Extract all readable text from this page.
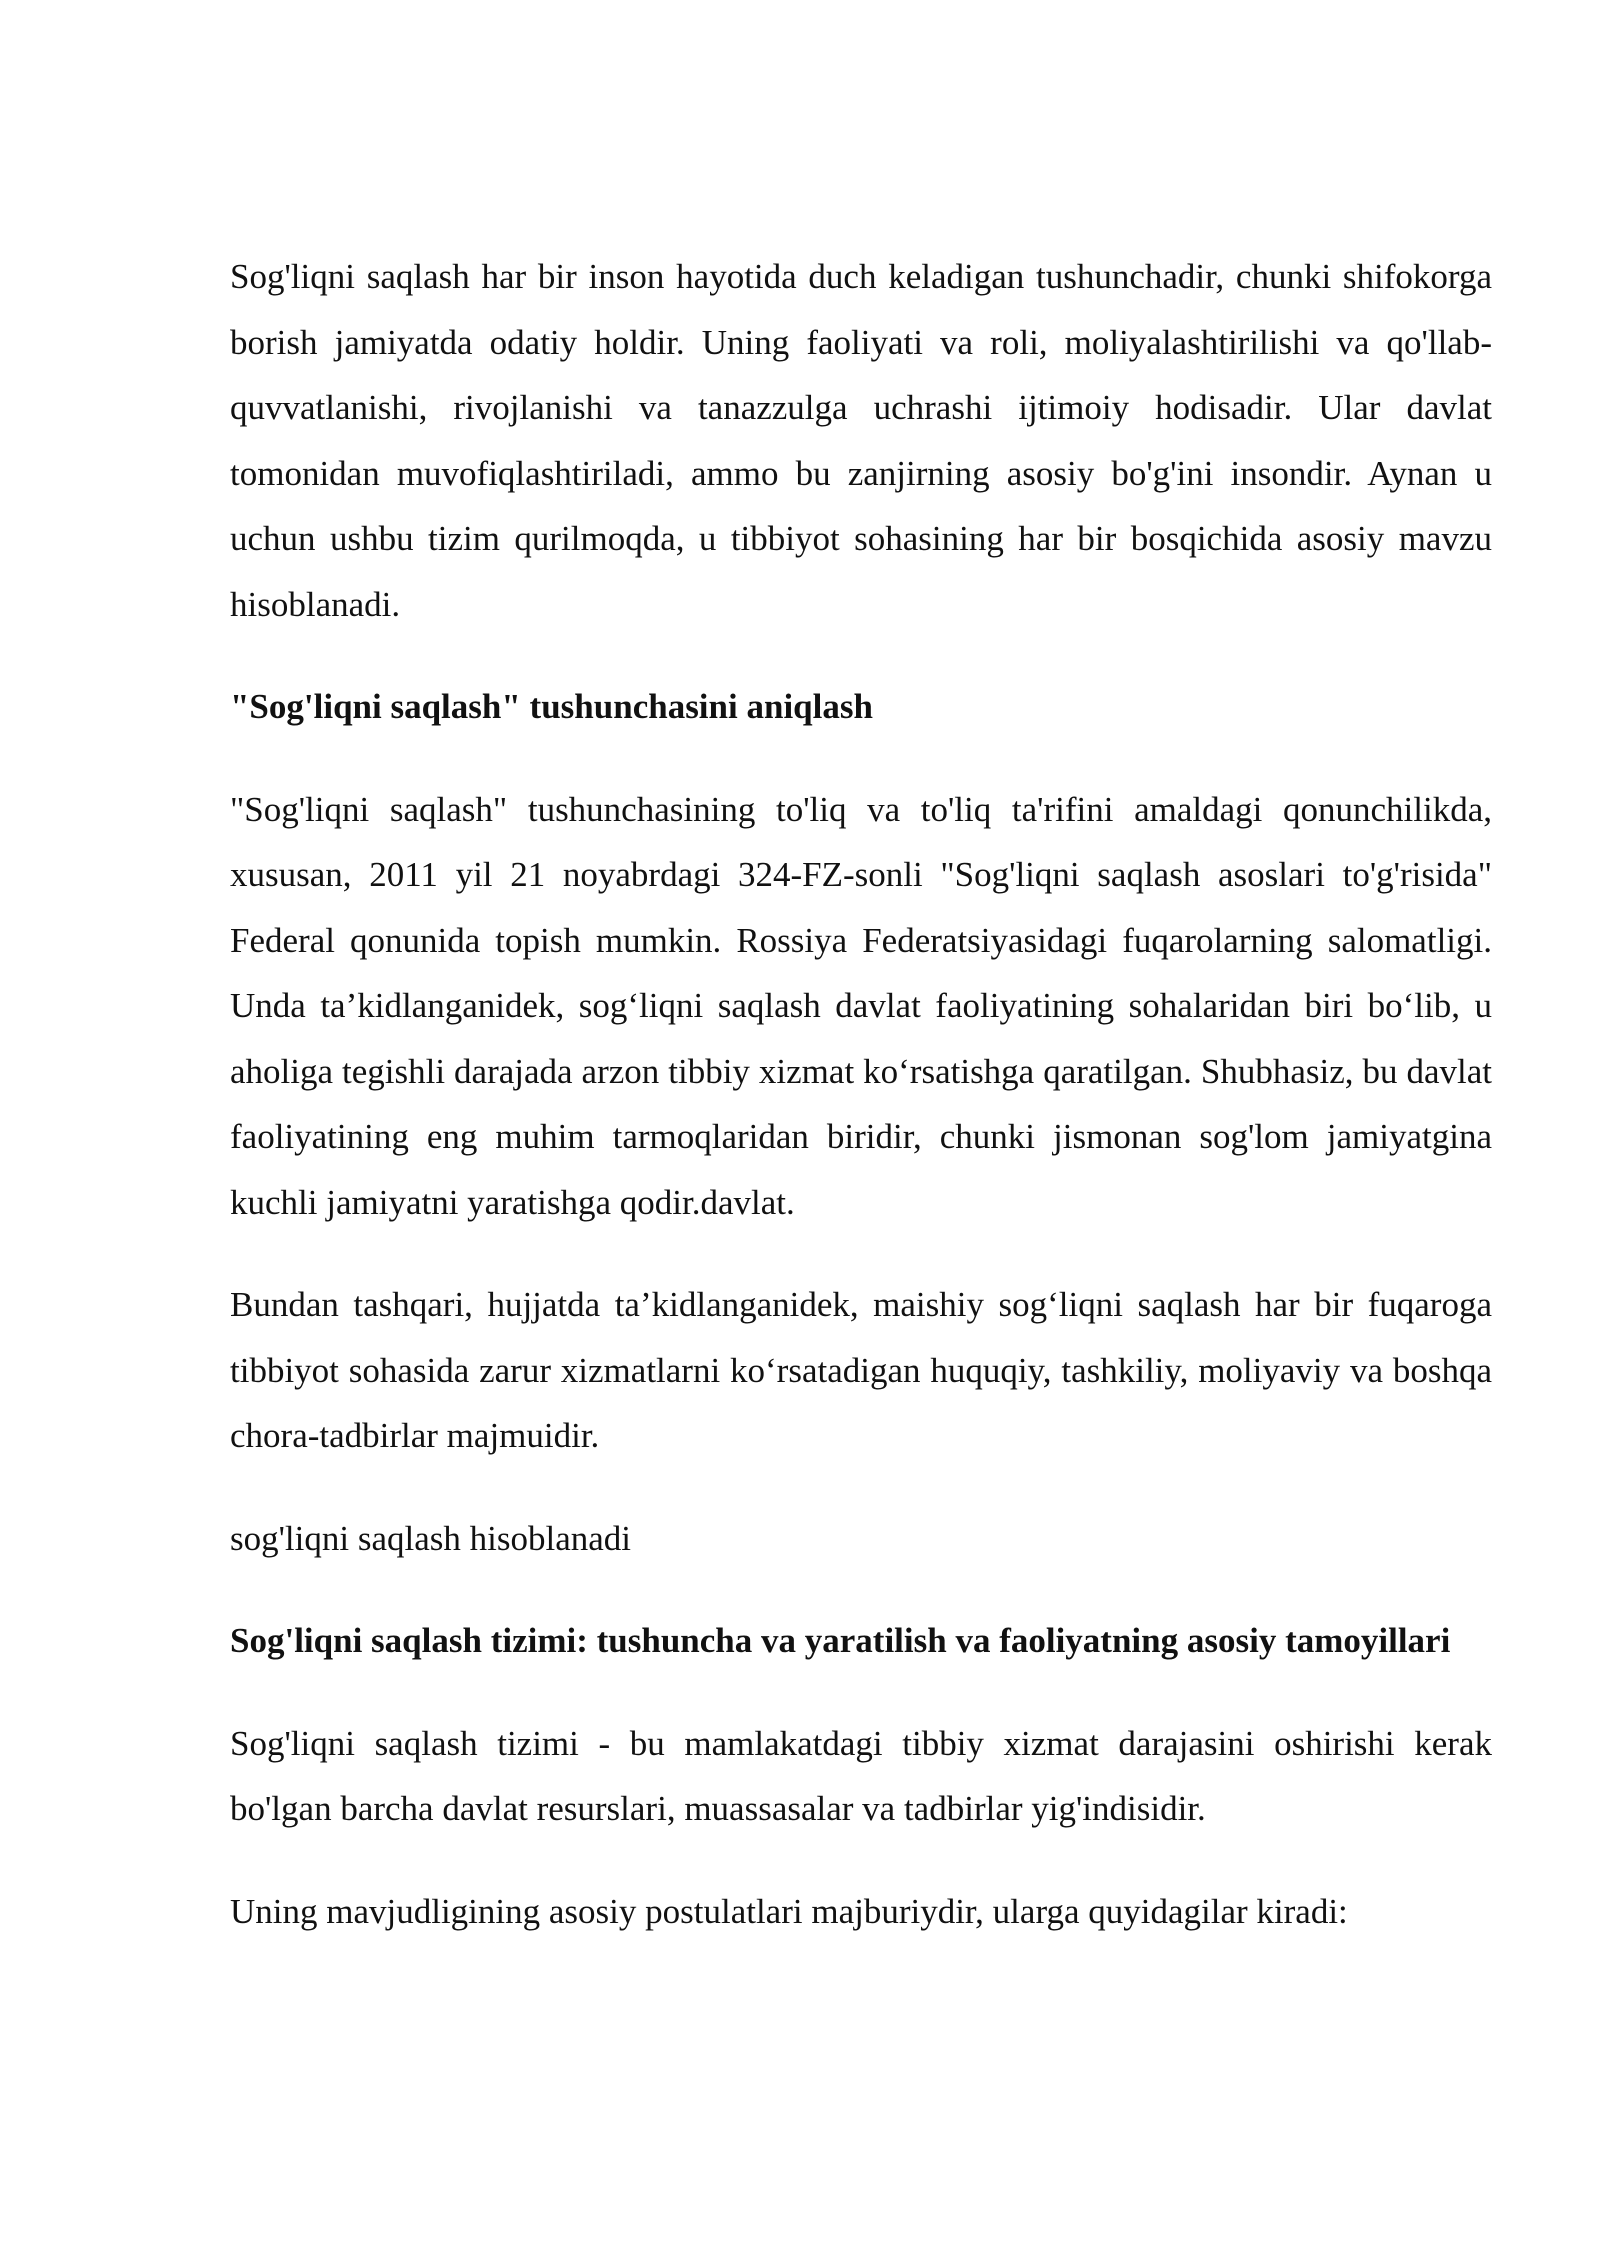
Sog'liqni saqlash har bir inson hayotida duch keladigan tushunchadir, chunki shifokorga borish jamiyatda odatiy holdir. Uning faoliyati va roli, moliyalashtirilishi va qo'llab-quvvatlanishi, rivojlanishi va tanazzulga uchrashi ijtimoiy hodisadir. Ular davlat tomonidan muvofiqlashtiriladi, ammo bu zanjirning asosiy bo'g'ini insondir. Aynan u uchun ushbu tizim qurilmoqda, u tibbiyot sohasining har bir bosqichida asosiy mavzu hisoblanadi.

"Sog'liqni saqlash" tushunchasini aniqlash

"Sog'liqni saqlash" tushunchasining to'liq va to'liq ta'rifini amaldagi qonunchilikda, xususan, 2011 yil 21 noyabrdagi 324-FZ-sonli "Sog'liqni saqlash asoslari to'g'risida" Federal qonunida topish mumkin. Rossiya Federatsiyasidagi fuqarolarning salomatligi. Unda ta’kidlanganidek, sog‘liqni saqlash davlat faoliyatining sohalaridan biri bo‘lib, u aholiga tegishli darajada arzon tibbiy xizmat ko‘rsatishga qaratilgan. Shubhasiz, bu davlat faoliyatining eng muhim tarmoqlaridan biridir, chunki jismonan sog'lom jamiyatgina kuchli jamiyatni yaratishga qodir.davlat.

Bundan tashqari, hujjatda ta’kidlanganidek, maishiy sog‘liqni saqlash har bir fuqaroga tibbiyot sohasida zarur xizmatlarni ko‘rsatadigan huquqiy, tashkiliy, moliyaviy va boshqa chora-tadbirlar majmuidir.

sog'liqni saqlash hisoblanadi

Sog'liqni saqlash tizimi: tushuncha va yaratilish va faoliyatning asosiy tamoyillari

Sog'liqni saqlash tizimi - bu mamlakatdagi tibbiy xizmat darajasini oshirishi kerak bo'lgan barcha davlat resurslari, muassasalar va tadbirlar yig'indisidir.

Uning mavjudligining asosiy postulatlari majburiydir, ularga quyidagilar kiradi:
